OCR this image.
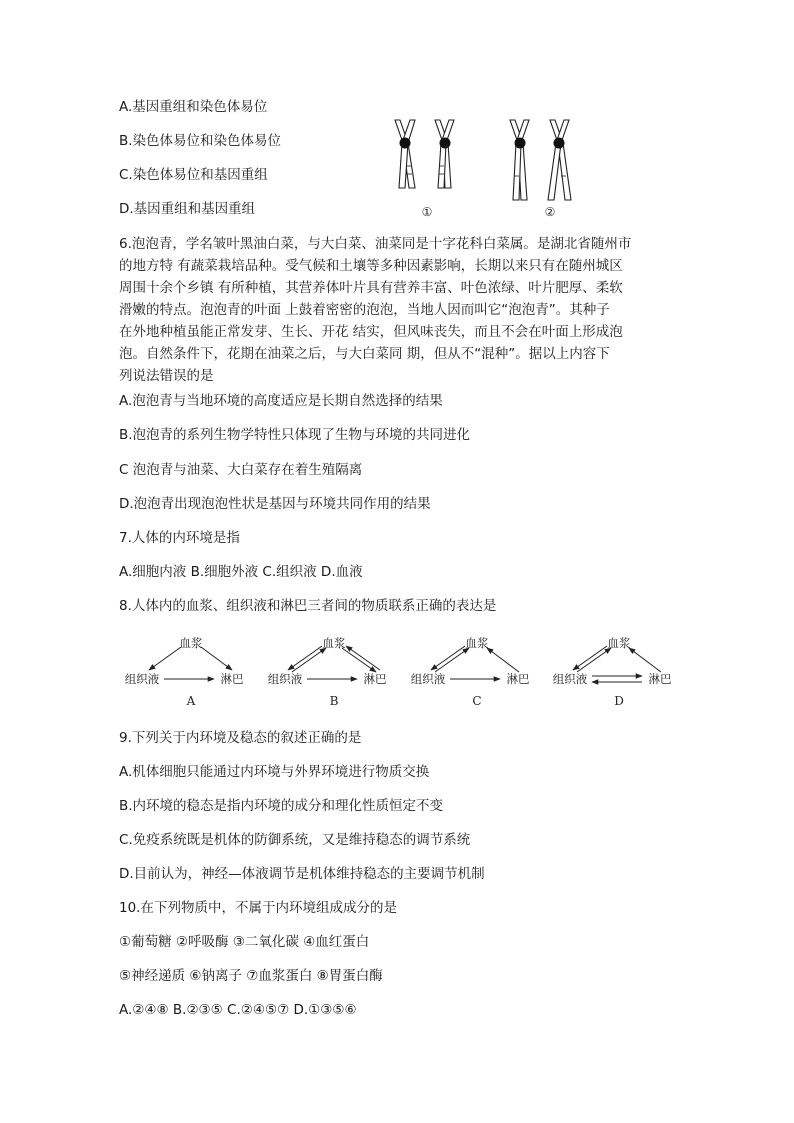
A.基因重组和染色体易位
B.染色体易位和染色体易位
C.染色体易位和基因重组
D.基因重组和基因重组	①	②
6.泡泡青，学名皱叶黑油白菜，与大白菜、油菜同是十字花科白菜属。是湖北省随州市
的地方特 有蔬菜栽培品种。受气候和土壤等多种因素影响，长期以来只有在随州城区
周围十余个乡镇 有所种植，其营养体叶片具有营养丰富、叶色浓绿、叶片肥厚、柔软
滑嫩的特点。泡泡青的叶面 上鼓着密密的泡泡，当地人因而叫它“泡泡青”。其种子
在外地种植虽能正常发芽、生长、开花 结实，但风味丧失，而且不会在叶面上形成泡
泡。自然条件下，花期在油菜之后，与大白菜同 期，但从不“混种”。据以上内容下
列说法错误的是
A.泡泡青与当地环境的高度适应是长期自然选择的结果
B.泡泡青的系列生物学特性只体现了生物与环境的共同进化
C 泡泡青与油菜、大白菜存在着生殖隔离
D.泡泡青出现泡泡性状是基因与环境共同作用的结果
7.人体的内环境是指
A.细胞内液 B.细胞外液 C.组织液 D.血液
8.人体内的血浆、组织液和淋巴三者间的物质联系正确的表达是
血浆
组织液	淋巴
A
血浆
组织液	淋巴
B
血浆
组织液	淋巴
C
血浆
组织液	淋巴
D
9.下列关于内环境及稳态的叙述正确的是
A.机体细胞只能通过内环境与外界环境进行物质交换
B.内环境的稳态是指内环境的成分和理化性质恒定不变
C.免疫系统既是机体的防御系统，又是维持稳态的调节系统
D.目前认为，神经—体液调节是机体维持稳态的主要调节机制
10.在下列物质中，不属于内环境组成成分的是
①葡萄糖 ②呼吸酶 ③二氧化碳 ④血红蛋白
⑤神经递质 ⑥钠离子 ⑦血浆蛋白 ⑧胃蛋白酶
A.②④⑧ B.②③⑤ C.②④⑤⑦ D.①③⑤⑥
